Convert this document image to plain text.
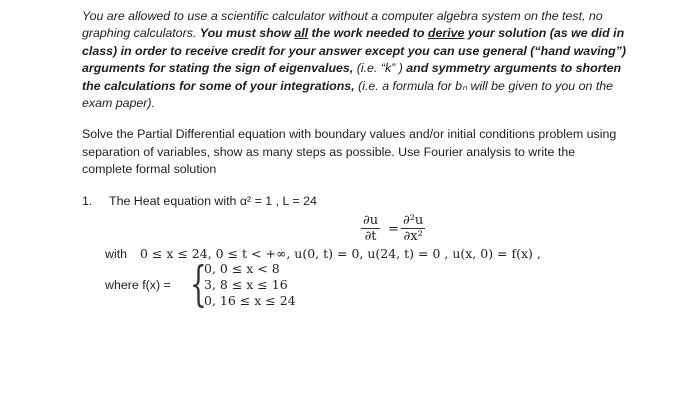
You are allowed to use a scientific calculator without a computer algebra system on the test, no graphing calculators. You must show all the work needed to derive your solution (as we did in class) in order to receive credit for your answer except you can use general (“hand waving”) arguments for stating the sign of eigenvalues, (i.e. “k” ) and symmetry arguments to shorten the calculations for some of your integrations, (i.e. a formula for bₙ will be given to you on the exam paper).
Solve the Partial Differential equation with boundary values and/or initial conditions problem using separation of variables, show as many steps as possible. Use Fourier analysis to write the complete formal solution
1. The Heat equation with α² = 1 , L = 24
$\frac{\partial u}{\partial t} = \frac{\text{∂²u}}{\text{∂x²}}$
with 0 ≤ x ≤ 24, 0 ≤ t < +∞, u(0, t) = 0, u(24, t) = 0 , u(x, 0) = f(x) ,
where f(x) = {
0, 0 ≤ x < 8
3, 8 ≤ x ≤ 16
0, 16 ≤ x ≤ 24
